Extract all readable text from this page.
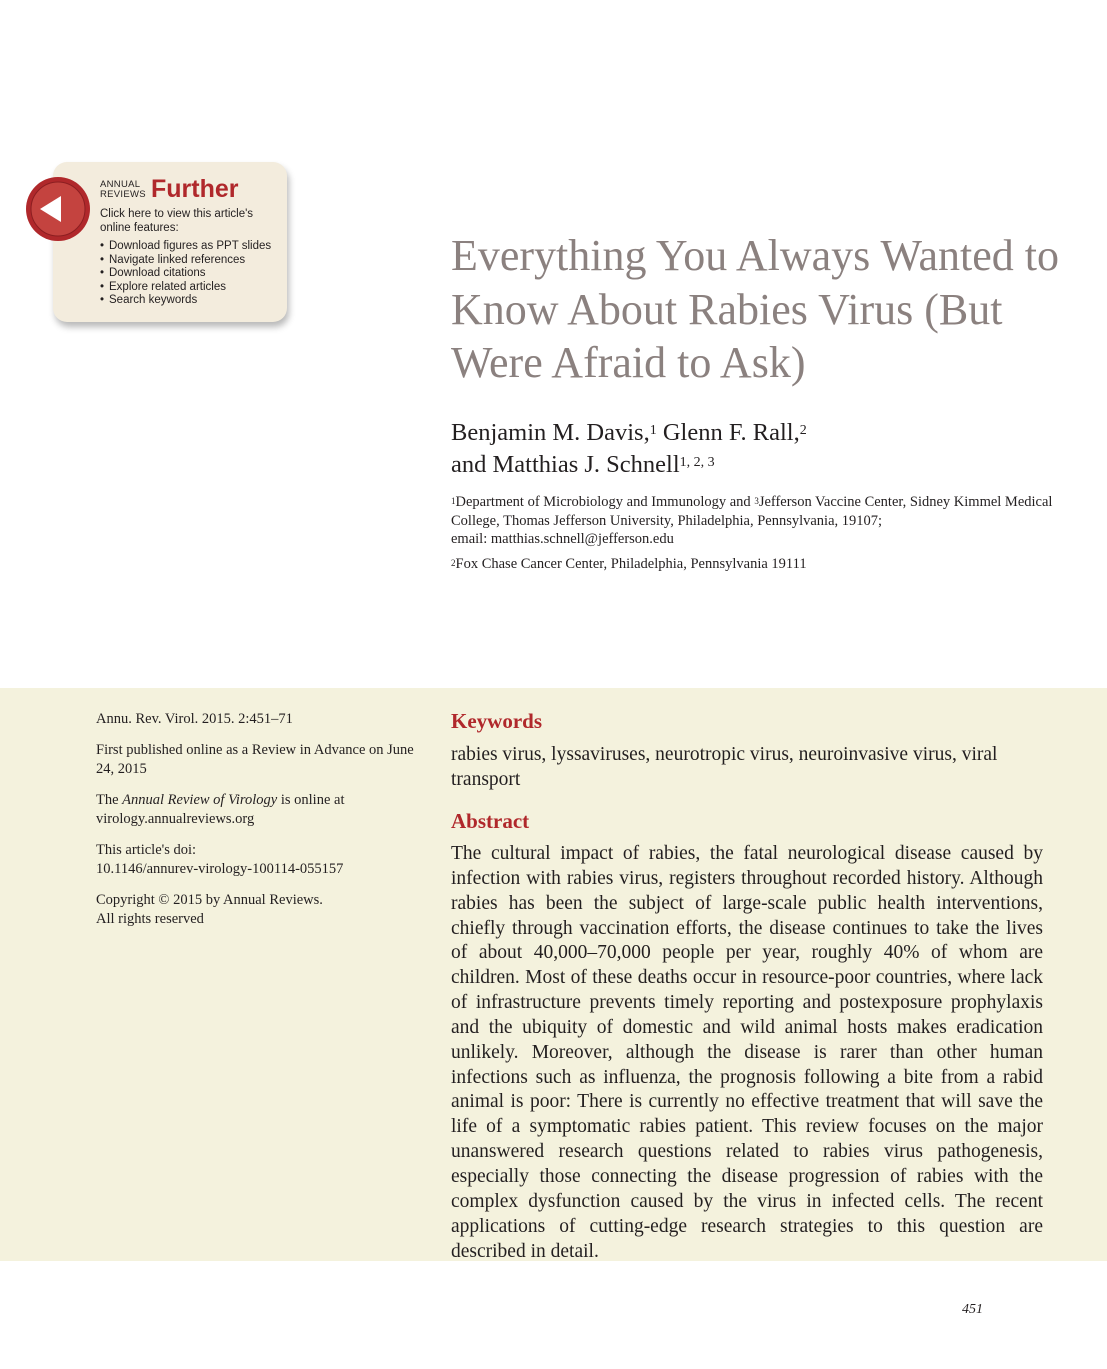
ANNUAL REVIEWS Further
Click here to view this article's online features:
• Download figures as PPT slides
• Navigate linked references
• Download citations
• Explore related articles
• Search keywords
Everything You Always Wanted to Know About Rabies Virus (But Were Afraid to Ask)
Benjamin M. Davis,$^1$ Glenn F. Rall,$^2$
and Matthias J. Schnell$^{1, 2, 3}$
$^1$Department of Microbiology and Immunology and $^3$Jefferson Vaccine Center, Sidney Kimmel Medical College, Thomas Jefferson University, Philadelphia, Pennsylvania, 19107;
email: matthias.schnell@jefferson.edu
$^2$Fox Chase Cancer Center, Philadelphia, Pennsylvania 19111

Annu. Rev. Virol. 2015. 2:451–71

First published online as a Review in Advance on June 24, 2015

The Annual Review of Virology is online at virology.annualreviews.org

This article's doi:
10.1146/annurev-virology-100114-055157

Copyright © 2015 by Annual Reviews.
All rights reserved

Keywords
rabies virus, lyssaviruses, neurotropic virus, neuroinvasive virus, viral transport
Abstract
The cultural impact of rabies, the fatal neurological disease caused by infection with rabies virus, registers throughout recorded history. Although rabies has been the subject of large-scale public health interventions, chiefly through vaccination efforts, the disease continues to take the lives of about 40,000–70,000 people per year, roughly 40% of whom are children. Most of these deaths occur in resource-poor countries, where lack of infrastructure prevents timely reporting and postexposure prophylaxis and the ubiquity of domestic and wild animal hosts makes eradication unlikely. Moreover, although the disease is rarer than other human infections such as influenza, the prognosis following a bite from a rabid animal is poor: There is currently no effective treatment that will save the life of a symptomatic rabies patient. This review focuses on the major unanswered research questions related to rabies virus pathogenesis, especially those connecting the disease progression of rabies with the complex dysfunction caused by the virus in infected cells. The recent applications of cutting-edge research strategies to this question are described in detail.
451
